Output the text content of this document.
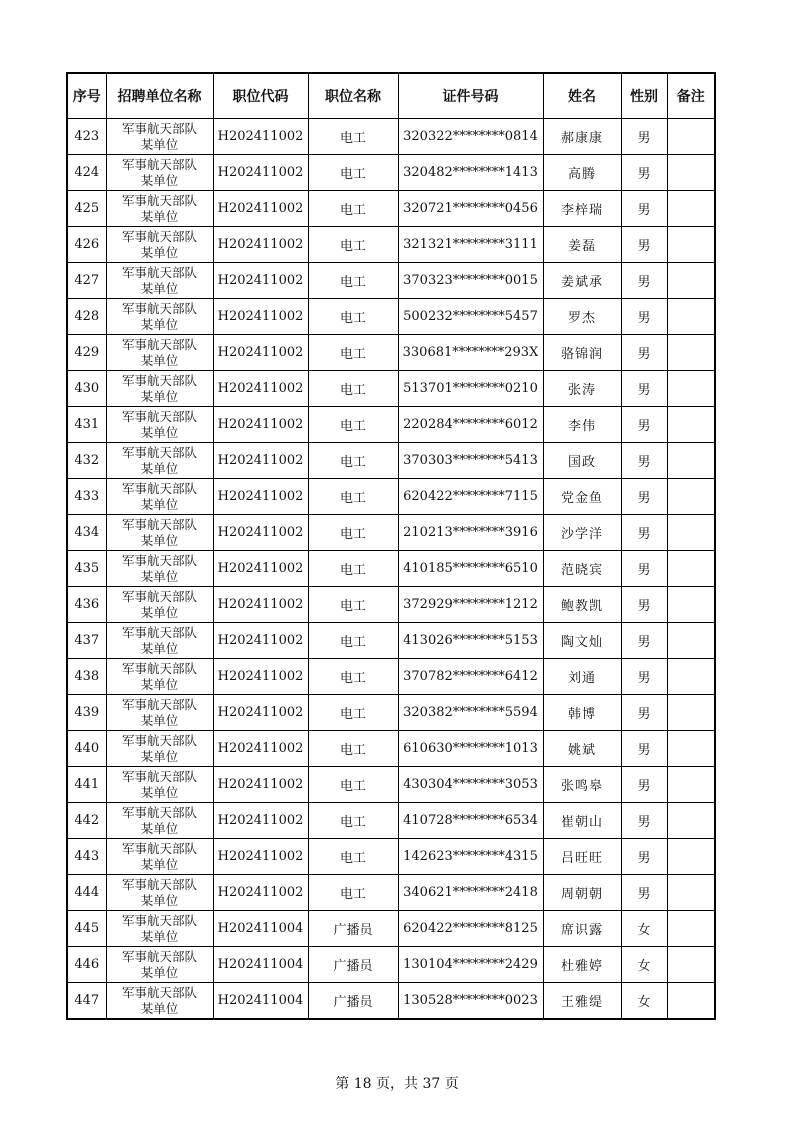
序号	招聘单位名称	职位代码	职位名称	证件号码	姓名	性别	备注
423	军事航天部队
某单位	H202411002	电工	320322********0814	郝康康	男	
424	军事航天部队
某单位	H202411002	电工	320482********1413	高腾	男	
425	军事航天部队
某单位	H202411002	电工	320721********0456	李梓瑞	男	
426	军事航天部队
某单位	H202411002	电工	321321********3111	姜磊	男	
427	军事航天部队
某单位	H202411002	电工	370323********0015	姜斌承	男	
428	军事航天部队
某单位	H202411002	电工	500232********5457	罗杰	男	
429	军事航天部队
某单位	H202411002	电工	330681********293X	骆锦润	男	
430	军事航天部队
某单位	H202411002	电工	513701********0210	张涛	男	
431	军事航天部队
某单位	H202411002	电工	220284********6012	李伟	男	
432	军事航天部队
某单位	H202411002	电工	370303********5413	国政	男	
433	军事航天部队
某单位	H202411002	电工	620422********7115	党金鱼	男	
434	军事航天部队
某单位	H202411002	电工	210213********3916	沙学洋	男	
435	军事航天部队
某单位	H202411002	电工	410185********6510	范晓宾	男	
436	军事航天部队
某单位	H202411002	电工	372929********1212	鲍教凯	男	
437	军事航天部队
某单位	H202411002	电工	413026********5153	陶文灿	男	
438	军事航天部队
某单位	H202411002	电工	370782********6412	刘通	男	
439	军事航天部队
某单位	H202411002	电工	320382********5594	韩博	男	
440	军事航天部队
某单位	H202411002	电工	610630********1013	姚斌	男	
441	军事航天部队
某单位	H202411002	电工	430304********3053	张鸣皋	男	
442	军事航天部队
某单位	H202411002	电工	410728********6534	崔朝山	男	
443	军事航天部队
某单位	H202411002	电工	142623********4315	吕旺旺	男	
444	军事航天部队
某单位	H202411002	电工	340621********2418	周朝朝	男	
445	军事航天部队
某单位	H202411004	广播员	620422********8125	席识露	女	
446	军事航天部队
某单位	H202411004	广播员	130104********2429	杜雅婷	女	
447	军事航天部队
某单位	H202411004	广播员	130528********0023	王雅缇	女	
第 18 页，共 37 页
